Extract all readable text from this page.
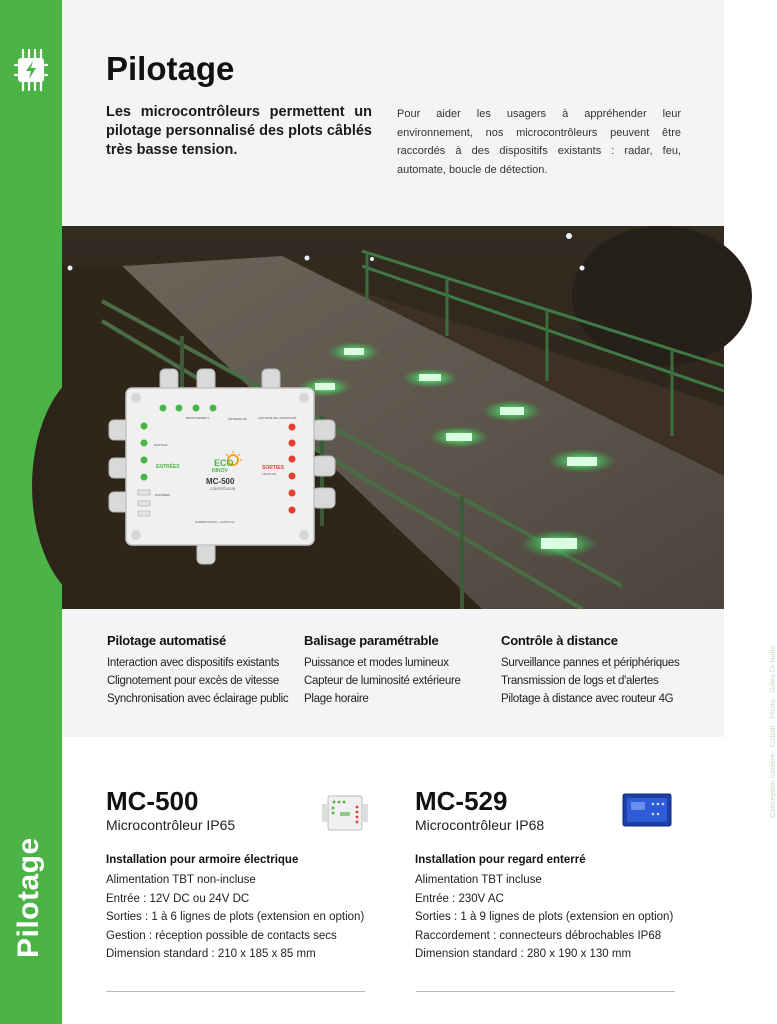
Pilotage
Pilotage

Les microcontrôleurs permettent un pilotage personnalisé des plots câblés très basse tension.

Pour aider les usagers à appréhender leur environnement, nos microcontrôleurs peuvent être raccordés à des dispositifs existants : radar, feu, automate, boucle de détection.

ECO
INNOV
MC-500
CONTRÔLEUR
ENTRÉES	SORTIES
BRANCHEMENT	ANTENNE RF	CAPTEUR DE LUMINOSITÉ
DIGITALE
DONNÉES
12/24V DC
ALIMENTATION + 12/24V DC
Conception lumière : Cobalt - Photo : Gilles Di Nallo
Pilotage automatisé
Interaction avec dispositifs existants
Clignotement pour excès de vitesse
Synchronisation avec éclairage public
Balisage paramétrable
Puissance et modes lumineux
Capteur de luminosité extérieure
Plage horaire
Contrôle à distance
Surveillance pannes et périphériques
Transmission de logs et d'alertes
Pilotage à distance avec routeur 4G
MC-500
Microcontrôleur IP65
Installation pour armoire électrique
Alimentation TBT non-incluse
Entrée : 12V DC ou 24V DC
Sorties : 1 à 6 lignes de plots (extension en option)
Gestion : réception possible de contacts secs
Dimension standard : 210 x 185 x 85 mm
MC-529
Microcontrôleur IP68
Installation pour regard enterré
Alimentation TBT incluse
Entrée : 230V AC
Sorties : 1 à 9 lignes de plots (extension en option)
Raccordement : connecteurs débrochables IP68
Dimension standard : 280 x 190 x 130 mm
